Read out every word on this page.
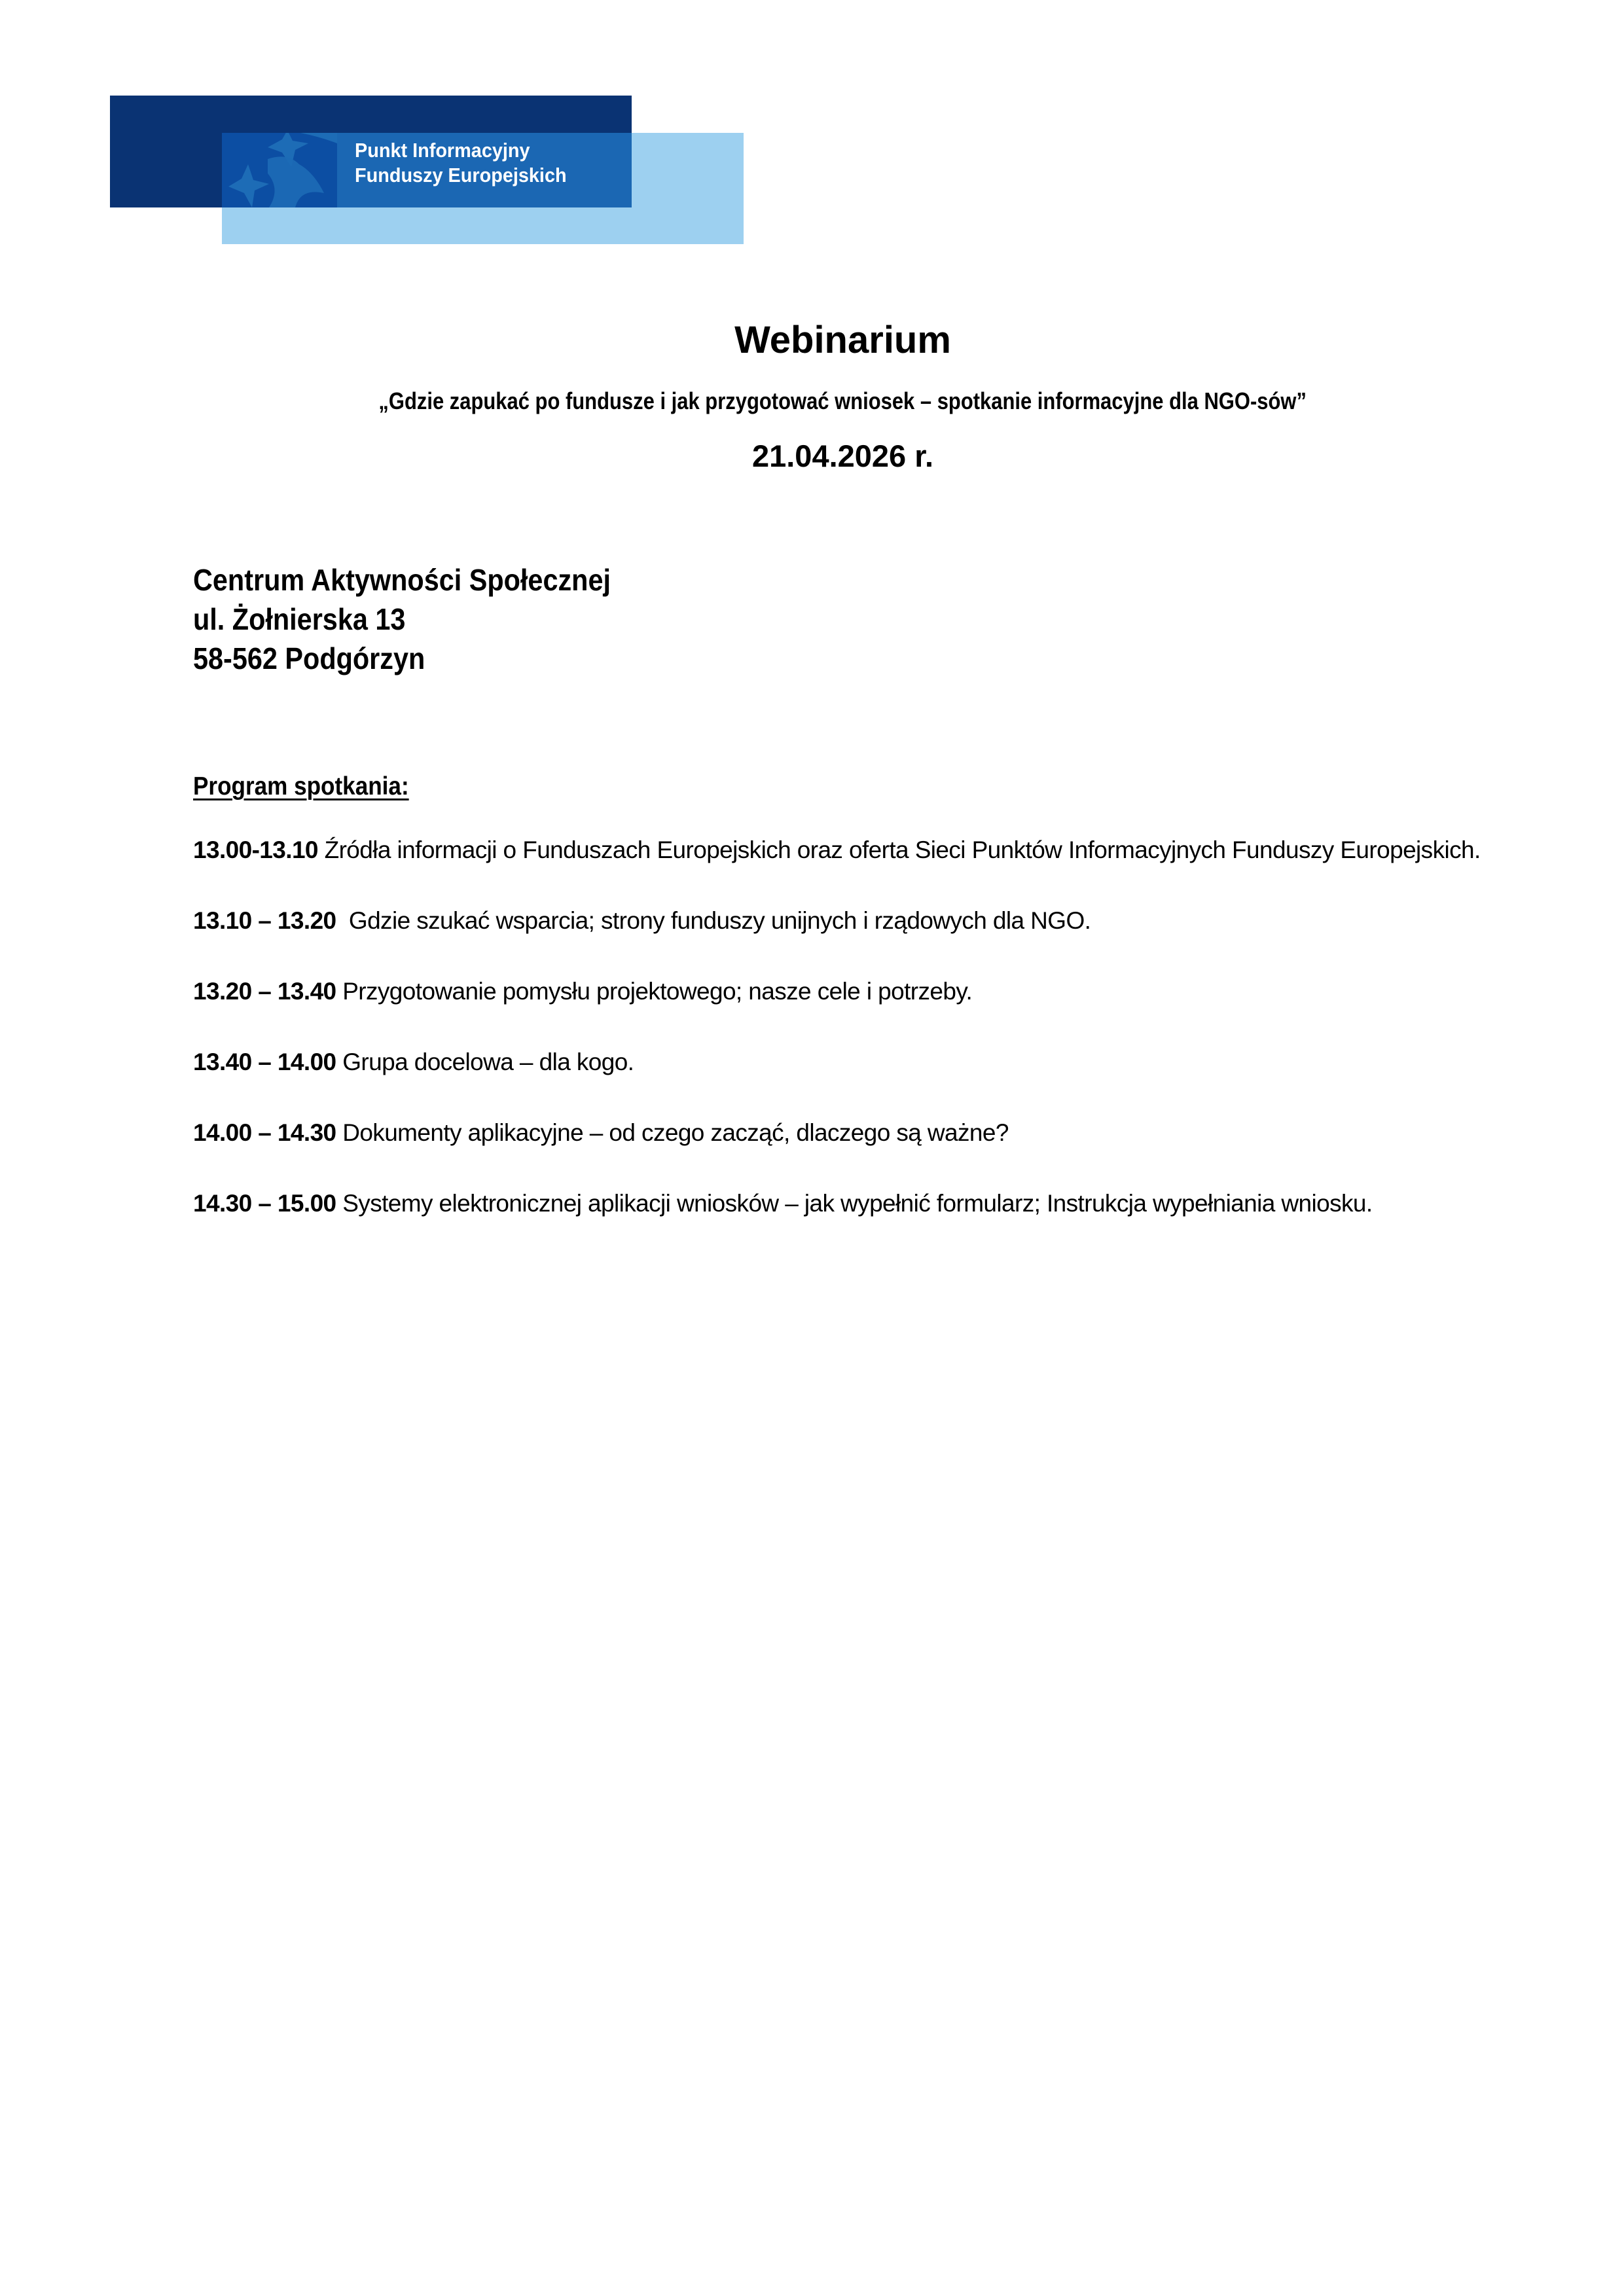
Punkt Informacyjny
Funduszy Europejskich
Webinarium
„Gdzie zapukać po fundusze i jak przygotować wniosek – spotkanie informacyjne dla NGO-sów”
21.04.2026 r.
Centrum Aktywności Społecznej
ul. Żołnierska 13
58-562 Podgórzyn
Program spotkania:

13.00-13.10 Źródła informacji o Funduszach Europejskich oraz oferta Sieci Punktów Informacyjnych Funduszy Europejskich.

13.10 – 13.20  Gdzie szukać wsparcia; strony funduszy unijnych i rządowych dla NGO.

13.20 – 13.40 Przygotowanie pomysłu projektowego; nasze cele i potrzeby.

13.40 – 14.00 Grupa docelowa – dla kogo.

14.00 – 14.30 Dokumenty aplikacyjne – od czego zacząć, dlaczego są ważne?

14.30 – 15.00 Systemy elektronicznej aplikacji wniosków – jak wypełnić formularz; Instrukcja wypełniania wniosku.
